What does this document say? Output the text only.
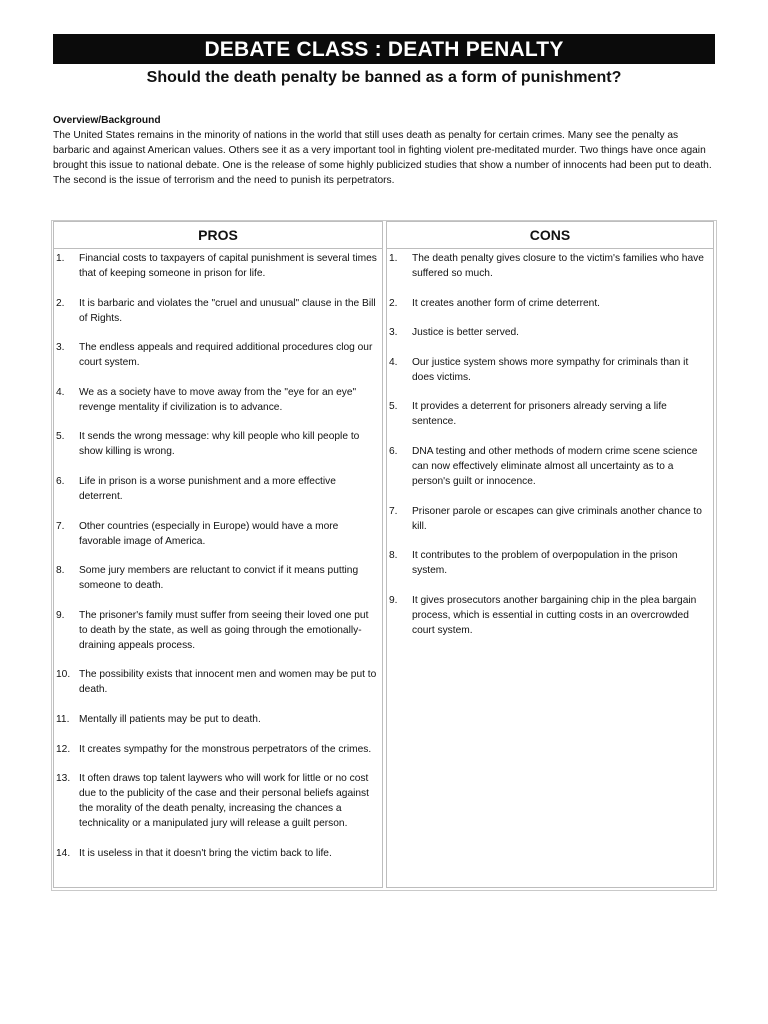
DEBATE CLASS : DEATH PENALTY
Should the death penalty be banned as a form of punishment?
Overview/Background
The United States remains in the minority of nations in the world that still uses death as penalty for certain crimes. Many see the penalty as barbaric and against American values. Others see it as a very important tool in fighting violent pre-meditated murder. Two things have once again brought this issue to national debate. One is the release of some highly publicized studies that show a number of innocents had been put to death. The second is the issue of terrorism and the need to punish its perpetrators.
PROS
1. Financial costs to taxpayers of capital punishment is several times that of keeping someone in prison for life.
2. It is barbaric and violates the "cruel and unusual" clause in the Bill of Rights.
3. The endless appeals and required additional procedures clog our court system.
4. We as a society have to move away from the "eye for an eye" revenge mentality if civilization is to advance.
5. It sends the wrong message: why kill people who kill people to show killing is wrong.
6. Life in prison is a worse punishment and a more effective deterrent.
7. Other countries (especially in Europe) would have a more favorable image of America.
8. Some jury members are reluctant to convict if it means putting someone to death.
9. The prisoner's family must suffer from seeing their loved one put to death by the state, as well as going through the emotionally-draining appeals process.
10. The possibility exists that innocent men and women may be put to death.
11. Mentally ill patients may be put to death.
12. It creates sympathy for the monstrous perpetrators of the crimes.
13. It often draws top talent laywers who will work for little or no cost due to the publicity of the case and their personal beliefs against the morality of the death penalty, increasing the chances a technicality or a manipulated jury will release a guilt person.
14. It is useless in that it doesn't bring the victim back to life.
CONS
1. The death penalty gives closure to the victim's families who have suffered so much.
2. It creates another form of crime deterrent.
3. Justice is better served.
4. Our justice system shows more sympathy for criminals than it does victims.
5. It provides a deterrent for prisoners already serving a life sentence.
6. DNA testing and other methods of modern crime scene science can now effectively eliminate almost all uncertainty as to a person's guilt or innocence.
7. Prisoner parole or escapes can give criminals another chance to kill.
8. It contributes to the problem of overpopulation in the prison system.
9. It gives prosecutors another bargaining chip in the plea bargain process, which is essential in cutting costs in an overcrowded court system.
